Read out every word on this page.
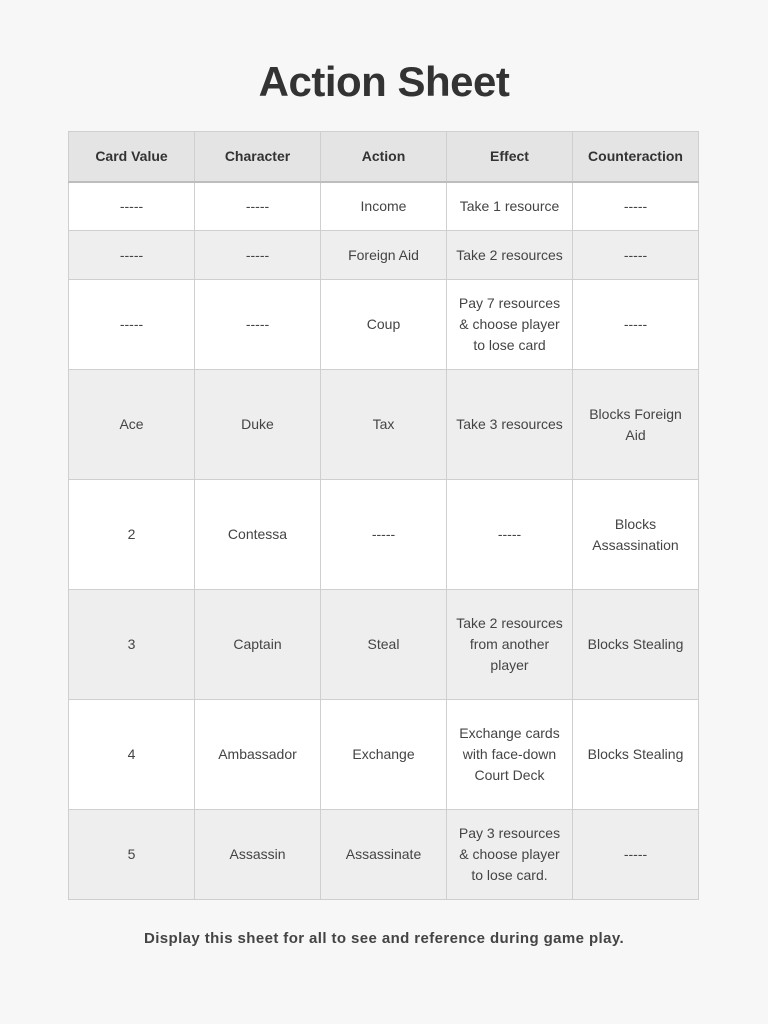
Action Sheet
Card Value	Character	Action	Effect	Counteraction
-----	-----	Income	Take 1 resource	-----
-----	-----	Foreign Aid	Take 2 resources	-----
-----	-----	Coup	Pay 7 resources & choose player to lose card	-----
Ace	Duke	Tax	Take 3 resources	Blocks Foreign Aid
2	Contessa	-----	-----	Blocks Assassination
3	Captain	Steal	Take 2 resources from another player	Blocks Stealing
4	Ambassador	Exchange	Exchange cards with face-down Court Deck	Blocks Stealing
5	Assassin	Assassinate	Pay 3 resources & choose player to lose card.	-----
Display this sheet for all to see and reference during game play.
